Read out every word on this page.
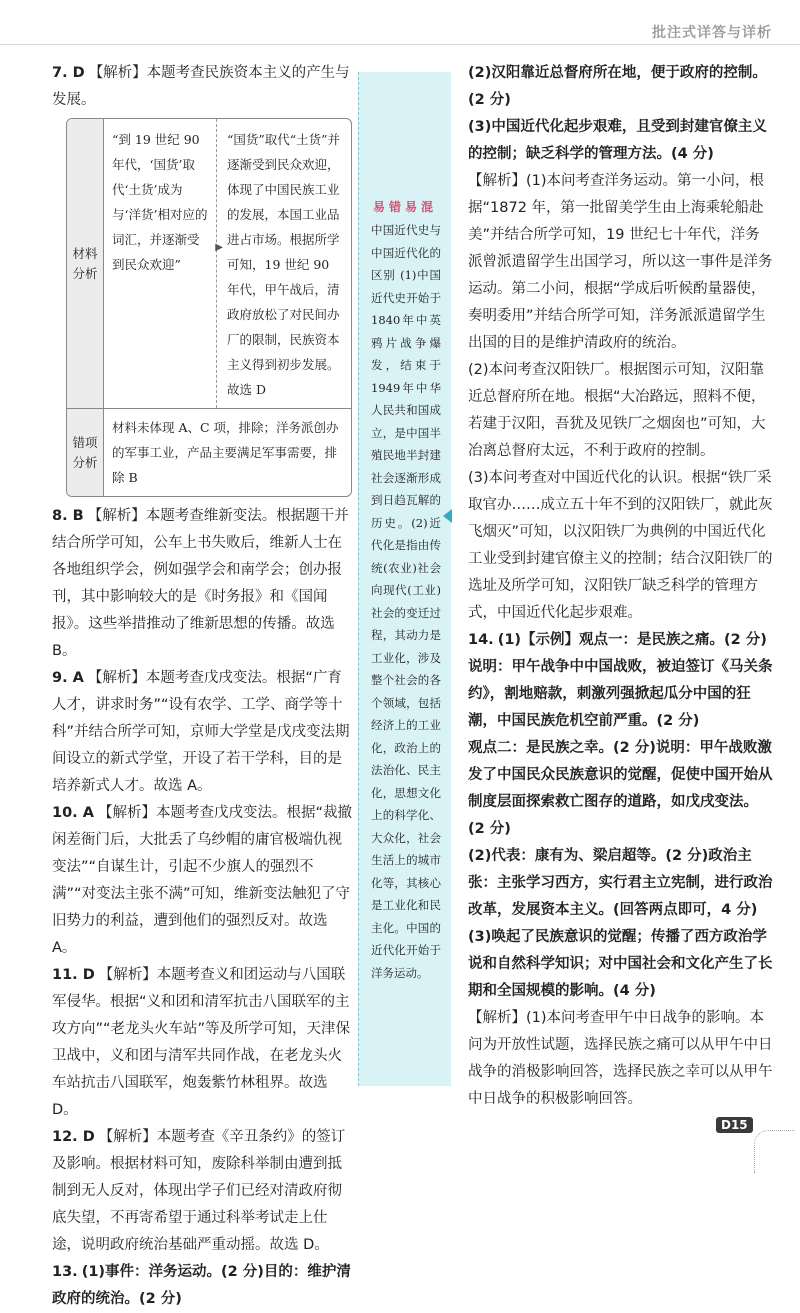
批注式详答与详析
7. D 【解析】本题考查民族资本主义的产生与发展。
材料分析
“到 19 世纪 90 年代，‘国货’取代‘土货’成为与‘洋货’相对应的词汇，并逐渐受到民众欢迎”
▶
“国货”取代“土货”并逐渐受到民众欢迎，体现了中国民族工业的发展，本国工业品进占市场。根据所学可知，19 世纪 90 年代，甲午战后，清政府放松了对民间办厂的限制，民族资本主义得到初步发展。故选 D
错项分析
材料未体现 A、C 项，排除；洋务派创办的军事工业，产品主要满足军事需要，排除 B
8. B 【解析】本题考查维新变法。根据题干并结合所学可知，公车上书失败后，维新人士在各地组织学会，例如强学会和南学会；创办报刊，其中影响较大的是《时务报》和《国闻报》。这些举措推动了维新思想的传播。故选 B。
9. A 【解析】本题考查戊戌变法。根据“广育人才，讲求时务”“设有农学、工学、商学等十科”并结合所学可知，京师大学堂是戊戌变法期间设立的新式学堂，开设了若干学科，目的是培养新式人才。故选 A。
10. A 【解析】本题考查戊戌变法。根据“裁撤闲差衙门后，大批丢了乌纱帽的庸官极端仇视变法”“自谋生计，引起不少旗人的强烈不满”“对变法主张不满”可知，维新变法触犯了守旧势力的利益，遭到他们的强烈反对。故选 A。
11. D 【解析】本题考查义和团运动与八国联军侵华。根据“义和团和清军抗击八国联军的主攻方向”“老龙头火车站”等及所学可知，天津保卫战中，义和团与清军共同作战，在老龙头火车站抗击八国联军，炮轰紫竹林租界。故选 D。
12. D 【解析】本题考查《辛丑条约》的签订及影响。根据材料可知，废除科举制由遭到抵制到无人反对，体现出学子们已经对清政府彻底失望，不再寄希望于通过科举考试走上仕途，说明政府统治基础严重动摇。故选 D。
13. (1)事件：洋务运动。(2 分)目的：维护清政府的统治。(2 分)
易错易混
中国近代史与中国近代化的区别 (1)中国近代史开始于1840年中英鸦片战争爆发，结束于1949年中华人民共和国成立，是中国半殖民地半封建社会逐渐形成到日趋瓦解的历史。(2)近代化是指由传统(农业)社会向现代(工业)社会的变迁过程，其动力是工业化，涉及整个社会的各个领域，包括经济上的工业化，政治上的法治化、民主化，思想文化上的科学化、大众化，社会生活上的城市化等，其核心是工业化和民主化。中国的近代化开始于洋务运动。

(2)汉阳靠近总督府所在地，便于政府的控制。(2 分)

(3)中国近代化起步艰难，且受到封建官僚主义的控制；缺乏科学的管理方法。(4 分)

【解析】(1)本问考查洋务运动。第一小问，根据“1872 年，第一批留美学生由上海乘轮船赴美”并结合所学可知，19 世纪七十年代，洋务派曾派遣留学生出国学习，所以这一事件是洋务运动。第二小问，根据“学成后听候酌量器使，奏明委用”并结合所学可知，洋务派派遣留学生出国的目的是维护清政府的统治。

(2)本问考查汉阳铁厂。根据图示可知，汉阳靠近总督府所在地。根据“大冶路远，照料不便，若建于汉阳，吾犹及见铁厂之烟囱也”可知，大冶离总督府太远，不利于政府的控制。

(3)本问考查对中国近代化的认识。根据“铁厂采取官办……成立五十年不到的汉阳铁厂，就此灰飞烟灭”可知，以汉阳铁厂为典例的中国近代化工业受到封建官僚主义的控制；结合汉阳铁厂的选址及所学可知，汉阳铁厂缺乏科学的管理方式，中国近代化起步艰难。

14. (1)【示例】观点一：是民族之痛。(2 分)说明：甲午战争中中国战败，被迫签订《马关条约》，割地赔款，刺激列强掀起瓜分中国的狂潮，中国民族危机空前严重。(2 分)

观点二：是民族之幸。(2 分)说明：甲午战败激发了中国民众民族意识的觉醒，促使中国开始从制度层面探索救亡图存的道路，如戊戌变法。(2 分)

(2)代表：康有为、梁启超等。(2 分)政治主张：主张学习西方，实行君主立宪制，进行政治改革，发展资本主义。(回答两点即可，4 分)

(3)唤起了民族意识的觉醒；传播了西方政治学说和自然科学知识；对中国社会和文化产生了长期和全国规模的影响。(4 分)

【解析】(1)本问考查甲午中日战争的影响。本问为开放性试题，选择民族之痛可以从甲午中日战争的消极影响回答，选择民族之幸可以从甲午中日战争的积极影响回答。

D15
